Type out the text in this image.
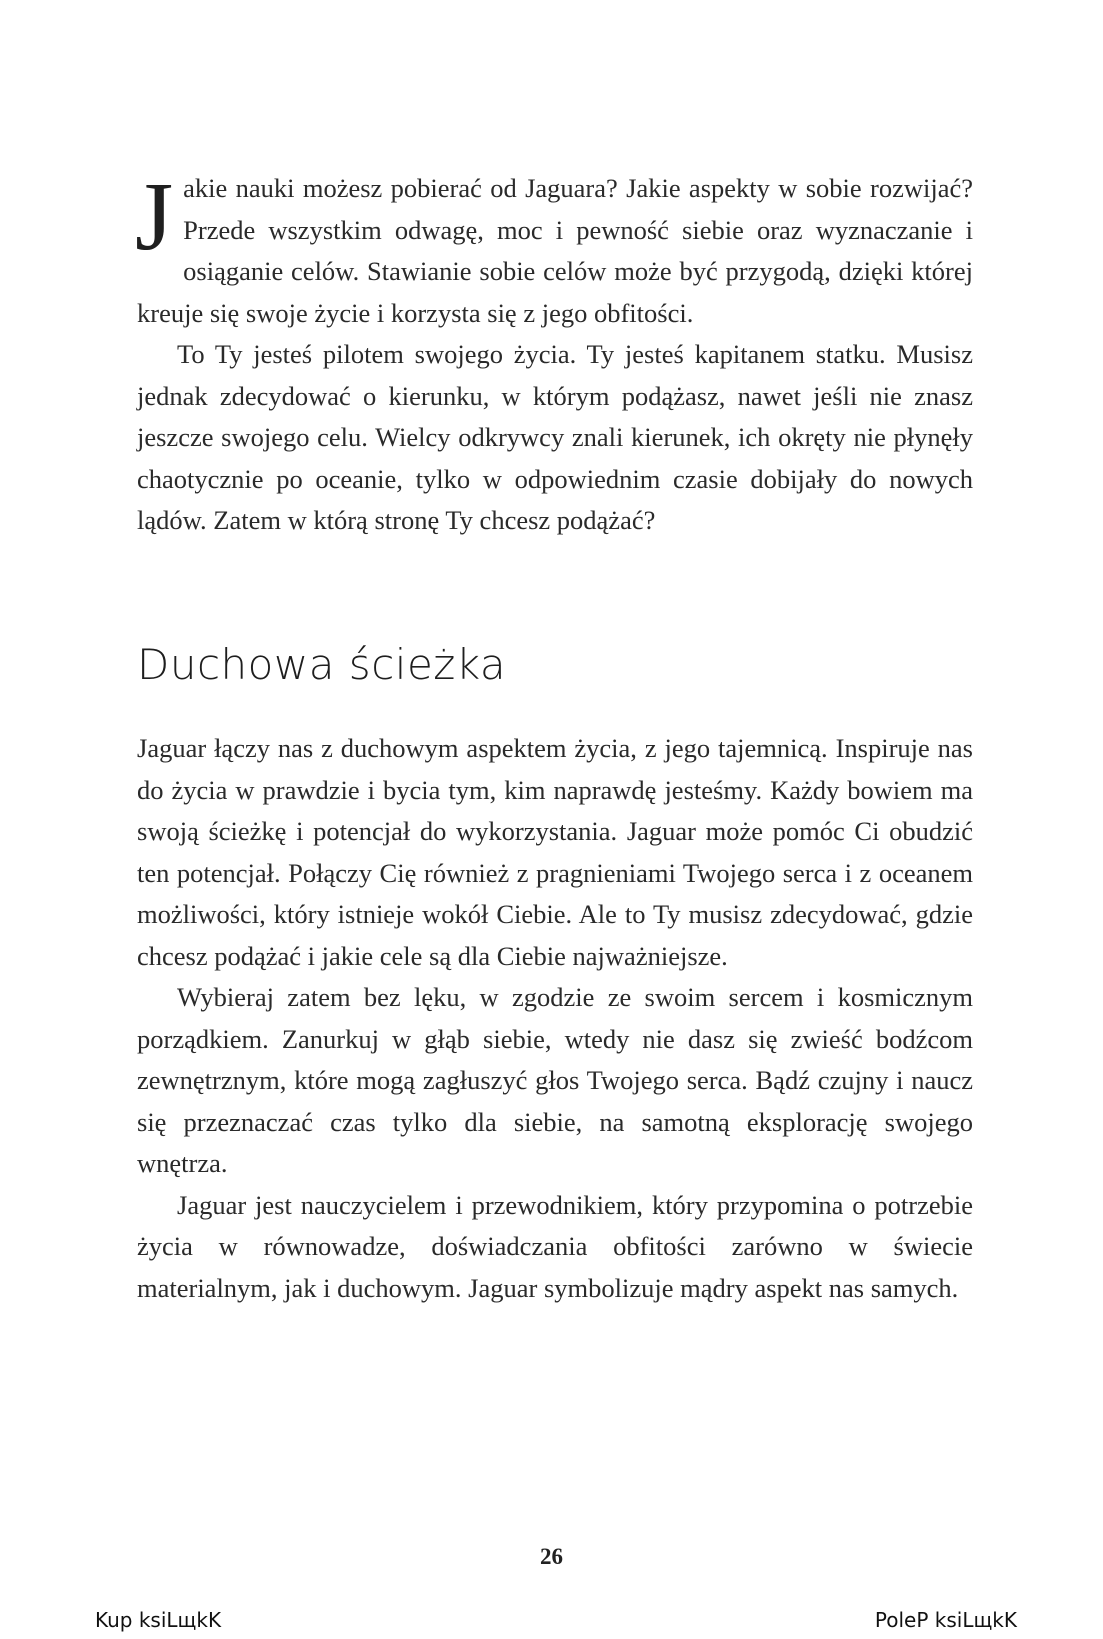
Jakie nauki możesz pobierać od Jaguara? Jakie aspekty w sobie rozwijać? Przede wszystkim odwagę, moc i pewność siebie oraz wyznaczanie i osiąganie celów. Stawianie sobie celów może być przygodą, dzięki której kreuje się swoje życie i korzysta się z jego obfitości.

To Ty jesteś pilotem swojego życia. Ty jesteś kapitanem statku. Musisz jednak zdecydować o kierunku, w którym podążasz, nawet jeśli nie znasz jeszcze swojego celu. Wielcy odkrywcy znali kierunek, ich okręty nie płynęły chaotycznie po oceanie, tylko w odpowiednim czasie dobijały do nowych lądów. Zatem w którą stronę Ty chcesz podążać?

Duchowa ścieżka

Jaguar łączy nas z duchowym aspektem życia, z jego tajemnicą. Inspiruje nas do życia w prawdzie i bycia tym, kim naprawdę jesteśmy. Każdy bowiem ma swoją ścieżkę i potencjał do wykorzystania. Jaguar może pomóc Ci obudzić ten potencjał. Połączy Cię również z pragnieniami Twojego serca i z oceanem możliwości, który istnieje wokół Ciebie. Ale to Ty musisz zdecydować, gdzie chcesz podążać i jakie cele są dla Ciebie najważniejsze.

Wybieraj zatem bez lęku, w zgodzie ze swoim sercem i kosmicznym porządkiem. Zanurkuj w głąb siebie, wtedy nie dasz się zwieść bodźcom zewnętrznym, które mogą zagłuszyć głos Twojego serca. Bądź czujny i naucz się przeznaczać czas tylko dla siebie, na samotną eksplorację swojego wnętrza.

Jaguar jest nauczycielem i przewodnikiem, który przypomina o potrzebie życia w równowadze, doświadczania obfitości zarówno w świecie materialnym, jak i duchowym. Jaguar symbolizuje mądry aspekt nas samych.

26
Kup ksiLщkK	PoleP ksiLщkK
